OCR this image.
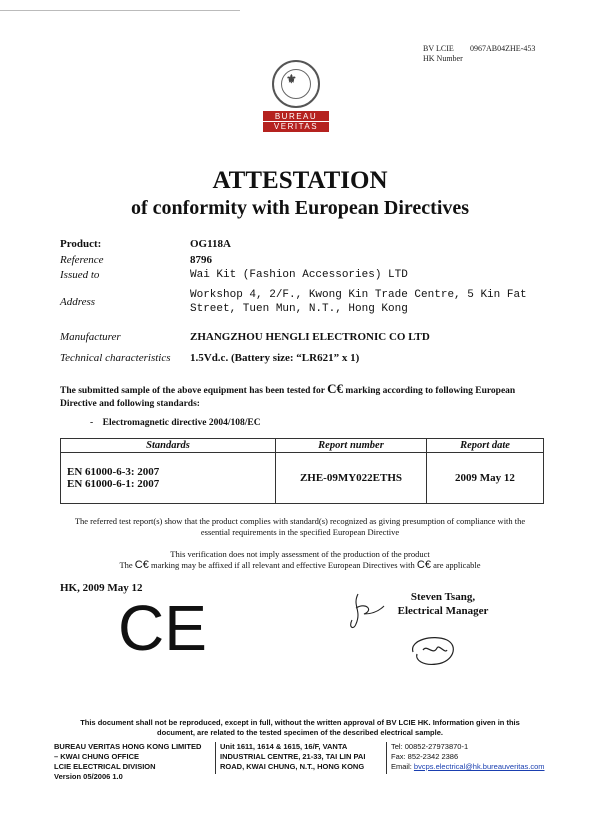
BV LCIE
HK Number
0967AB04ZHE-453
⚜
BUREAU
VERITAS
ATTESTATION
of conformity with European Directives
Product:	OG118A
Reference	8796
Issued to	Wai Kit (Fashion Accessories) LTD
Address
Workshop 4, 2/F., Kwong Kin Trade Centre, 5 Kin Fat
Street, Tuen Mun, N.T., Hong Kong
Manufacturer	ZHANGZHOU HENGLI ELECTRONIC CO LTD
Technical characteristics 1.5Vd.c. (Battery size: “LR621” x 1)
The submitted sample of the above equipment has been tested for C€ marking according to following European
Directive and following standards:
- Electromagnetic directive 2004/108/EC
Standards	Report number	Report date

EN 61000-6-3: 2007
EN 61000-6-1: 2007	ZHE-09MY022ETHS	2009 May 12
The referred test report(s) show that the product complies with standard(s) recognized as giving presumption of compliance with the
essential requirements in the specified European Directive
This verification does not imply assessment of the production of the product
The C€ marking may be affixed if all relevant and effective European Directives with C€ are applicable
HK, 2009 May 12
Steven Tsang,
Electrical Manager
CE
This document shall not be reproduced, except in full, without the written approval of BV LCIE HK. Information given in this
document, are related to the tested specimen of the described electrical sample.
BUREAU VERITAS HONG KONG LIMITED
– KWAI CHUNG OFFICE
LCIE ELECTRICAL DIVISION
Version 05/2006 1.0
Unit 1611, 1614 & 1615, 16/F, VANTA
INDUSTRIAL CENTRE, 21-33, TAI LIN PAI
ROAD, KWAI CHUNG, N.T., HONG KONG
Tel: 00852-27973870-1
Fax: 852-2342 2386
Email: bvcps.electrical@hk.bureauveritas.com
